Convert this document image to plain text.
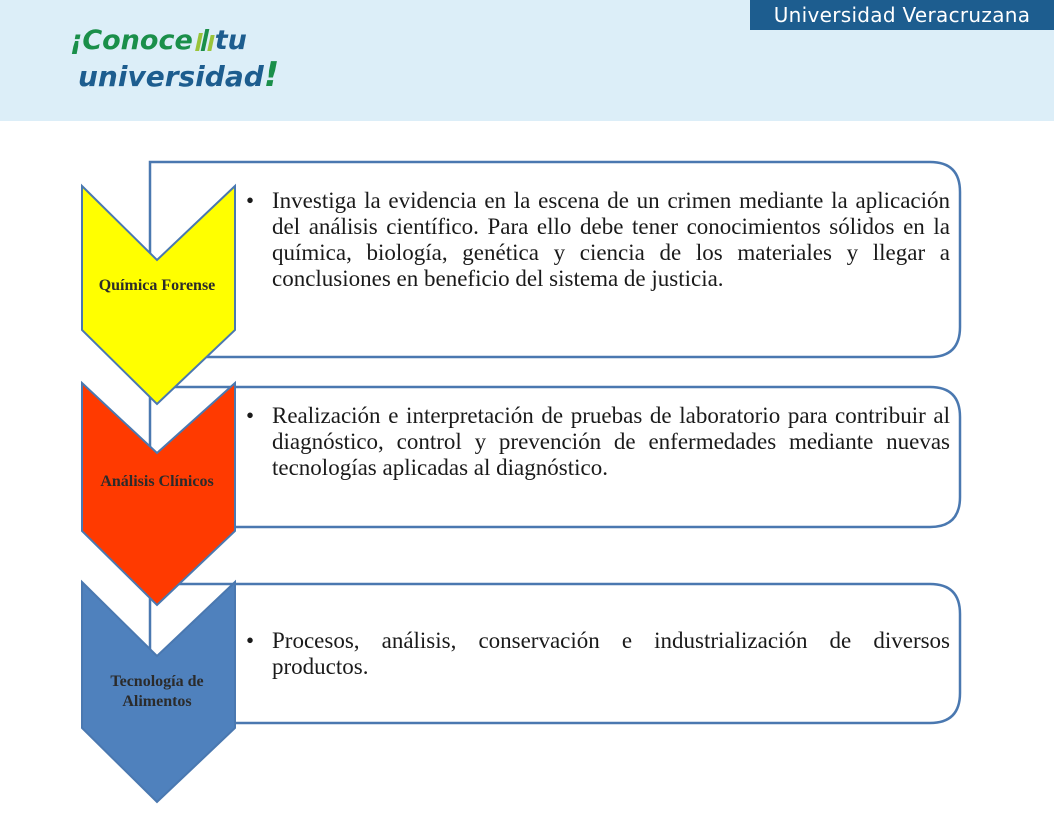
¡Conoce tu
universidad!
Universidad Veracruzana
Química Forense
Análisis Clínicos
Tecnología de Alimentos
• Investiga la evidencia en la escena de un crimen mediante la aplicación del análisis científico. Para ello debe tener conocimientos sólidos en la química, biología, genética y ciencia de los materiales y llegar a conclusiones en beneficio del sistema de justicia.
• Realización e interpretación de pruebas de laboratorio para contribuir al diagnóstico, control y prevención de enfermedades mediante nuevas tecnologías aplicadas al diagnóstico.
• Procesos, análisis, conservación e industrialización de diversos productos.
